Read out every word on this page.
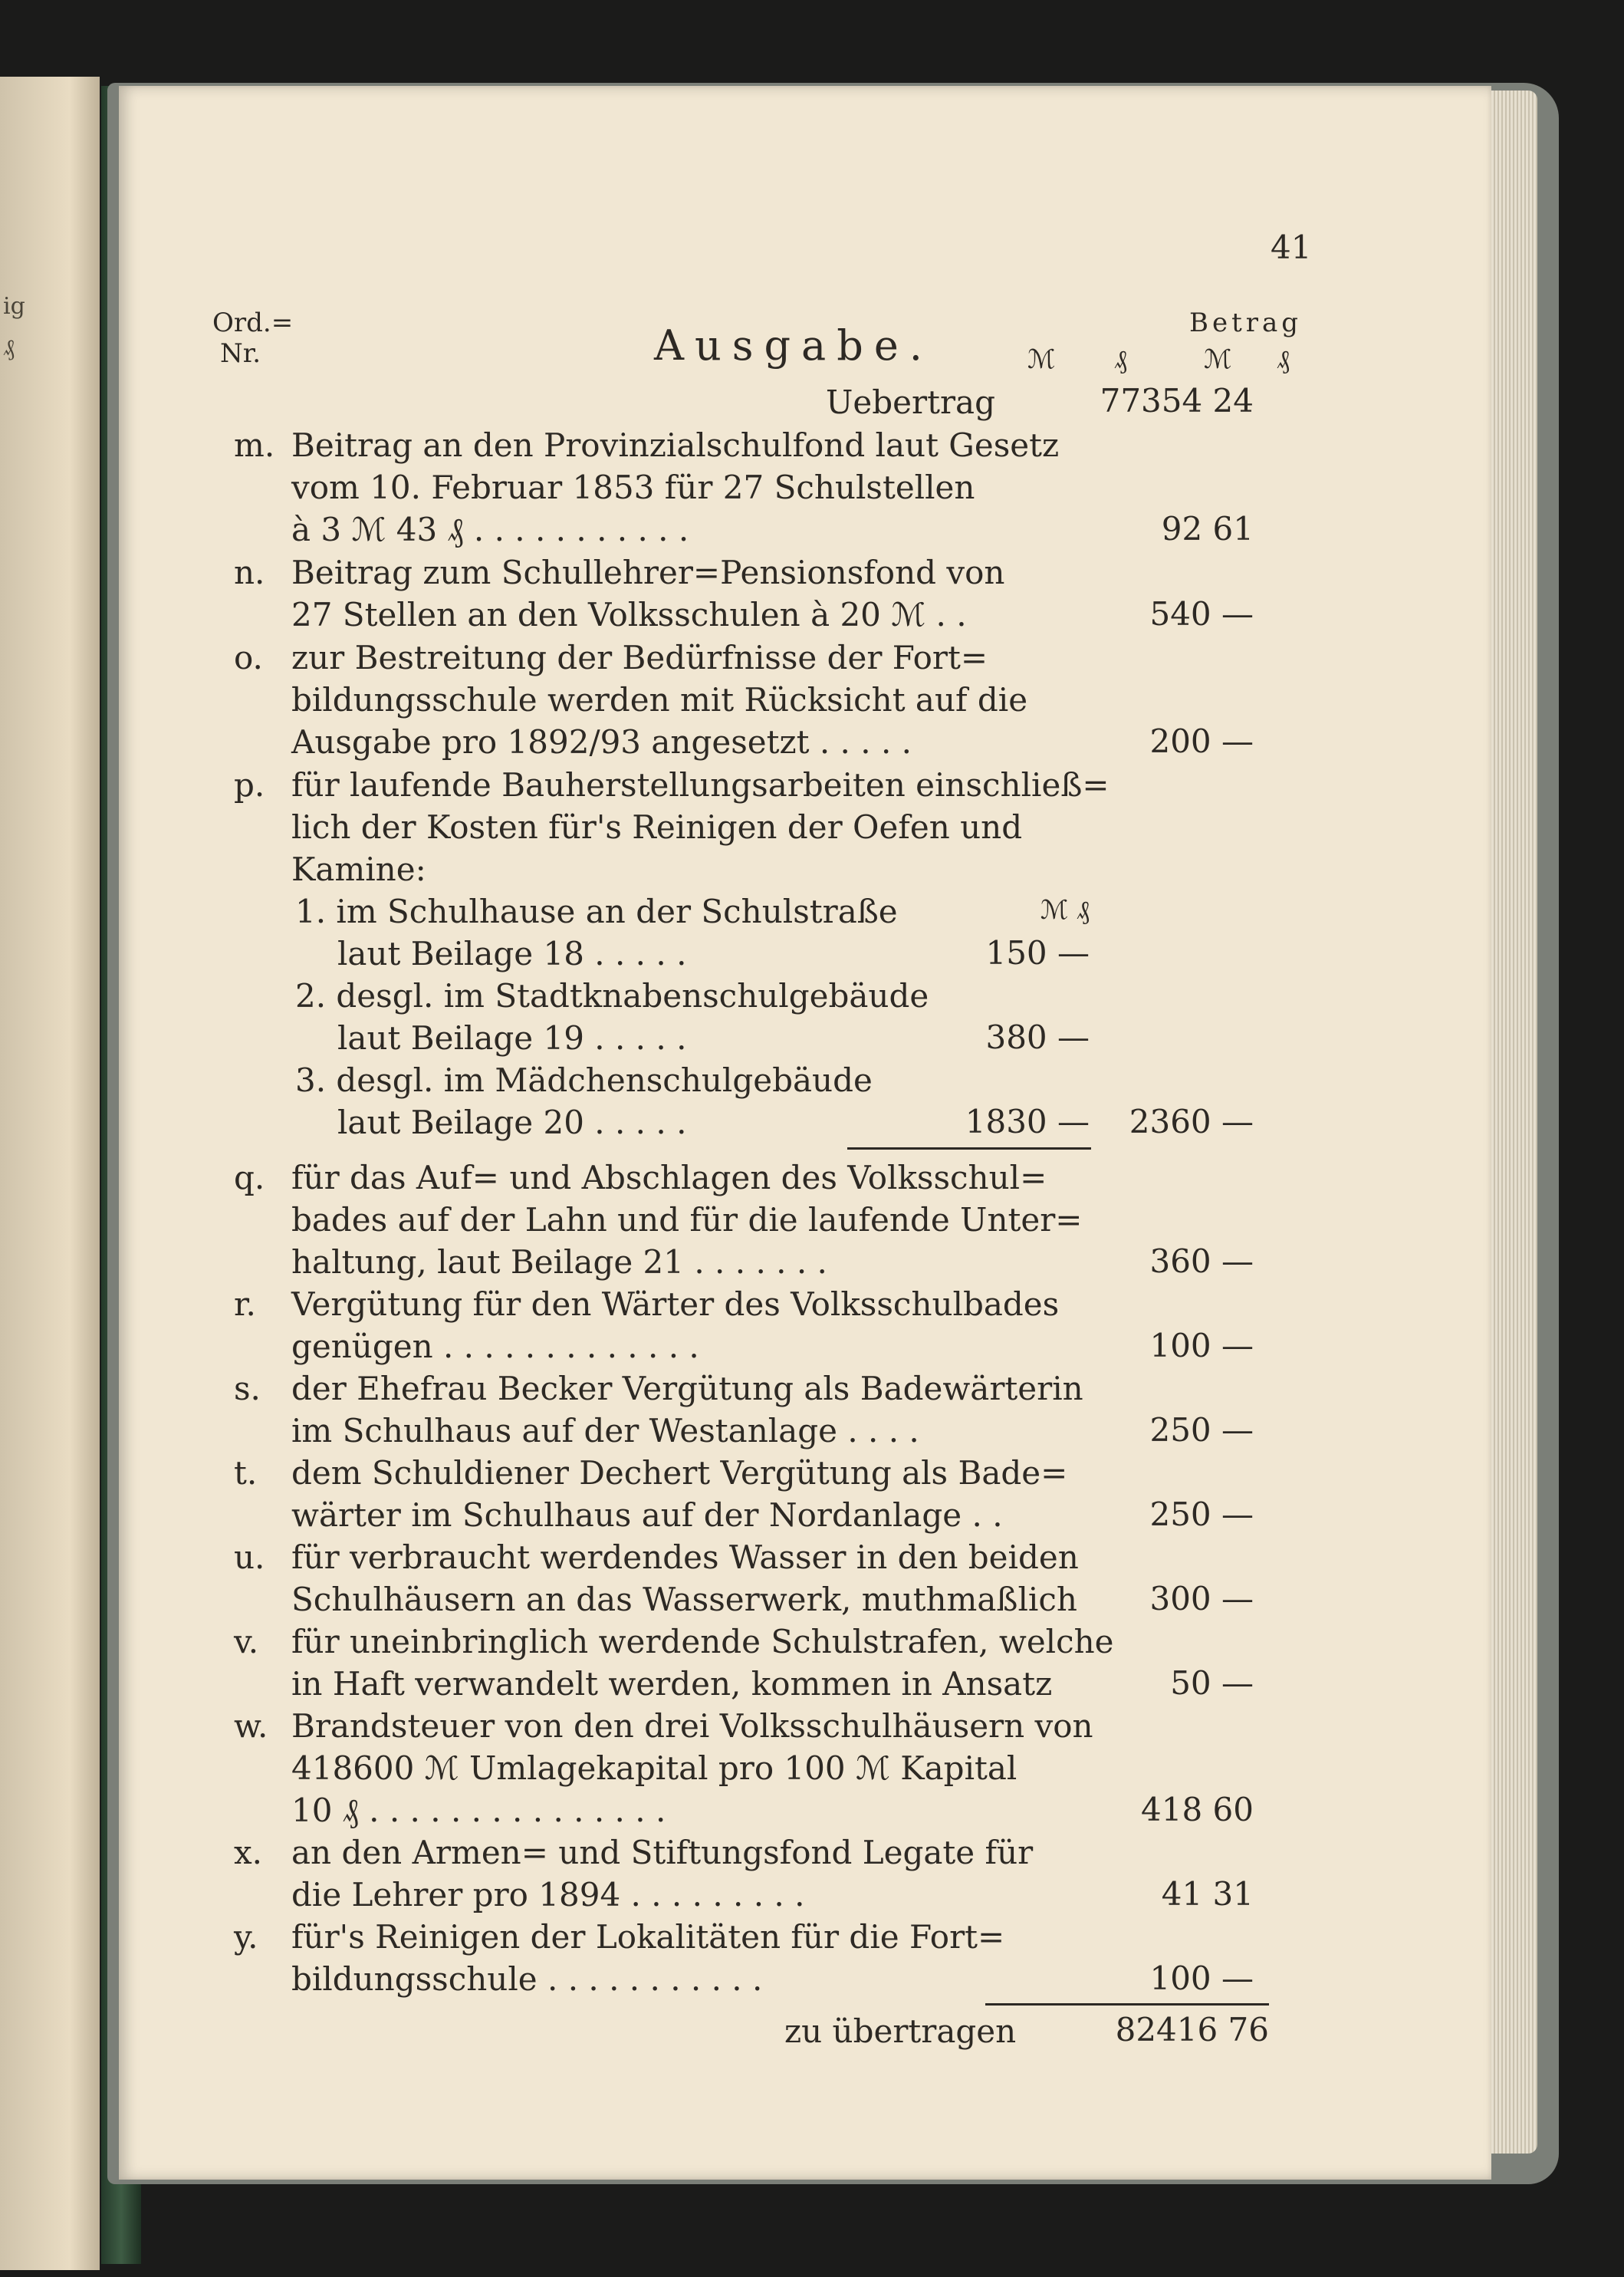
ig
₰
41
Ord.=
Nr.	Ausgabe.	Betrag
ℳ ₰	ℳ ₰
Uebertrag	77354 24
m. Beitrag an den Provinzialschulfond laut Gesetz
vom 10. Februar 1853 für 27 Schulstellen
à 3 ℳ 43 ₰ . . . . . . . . . . .	92 61
n. Beitrag zum Schullehrer=Pensionsfond von
27 Stellen an den Volksschulen à 20 ℳ . .	540 —
o. zur Bestreitung der Bedürfnisse der Fort=
bildungsschule werden mit Rücksicht auf die
Ausgabe pro 1892/93 angesetzt . . . . .	200 —
p. für laufende Bauherstellungsarbeiten einschließ=
lich der Kosten für's Reinigen der Oefen und
Kamine:
1. im Schulhause an der Schulstraße	ℳ ₰
laut Beilage 18 . . . . .	150 —
2. desgl. im Stadtknabenschulgebäude
laut Beilage 19 . . . . .	380 —
3. desgl. im Mädchenschulgebäude
laut Beilage 20 . . . . .	1830 —	2360 —
q. für das Auf= und Abschlagen des Volksschul=
bades auf der Lahn und für die laufende Unter=
haltung, laut Beilage 21 . . . . . . .	360 —
r. Vergütung für den Wärter des Volksschulbades
genügen . . . . . . . . . . . . .	100 —
s. der Ehefrau Becker Vergütung als Badewärterin
im Schulhaus auf der Westanlage . . . .	250 —
t. dem Schuldiener Dechert Vergütung als Bade=
wärter im Schulhaus auf der Nordanlage . .	250 —
u. für verbraucht werdendes Wasser in den beiden
Schulhäusern an das Wasserwerk, muthmaßlich	300 —
v. für uneinbringlich werdende Schulstrafen, welche
in Haft verwandelt werden, kommen in Ansatz	50 —
w. Brandsteuer von den drei Volksschulhäusern von
418600 ℳ Umlagekapital pro 100 ℳ Kapital
10 ₰ . . . . . . . . . . . . . . .	418 60
x. an den Armen= und Stiftungsfond Legate für
die Lehrer pro 1894 . . . . . . . . .	41 31
y. für's Reinigen der Lokalitäten für die Fort=
bildungsschule . . . . . . . . . . .	100 —
zu übertragen	82416 76
